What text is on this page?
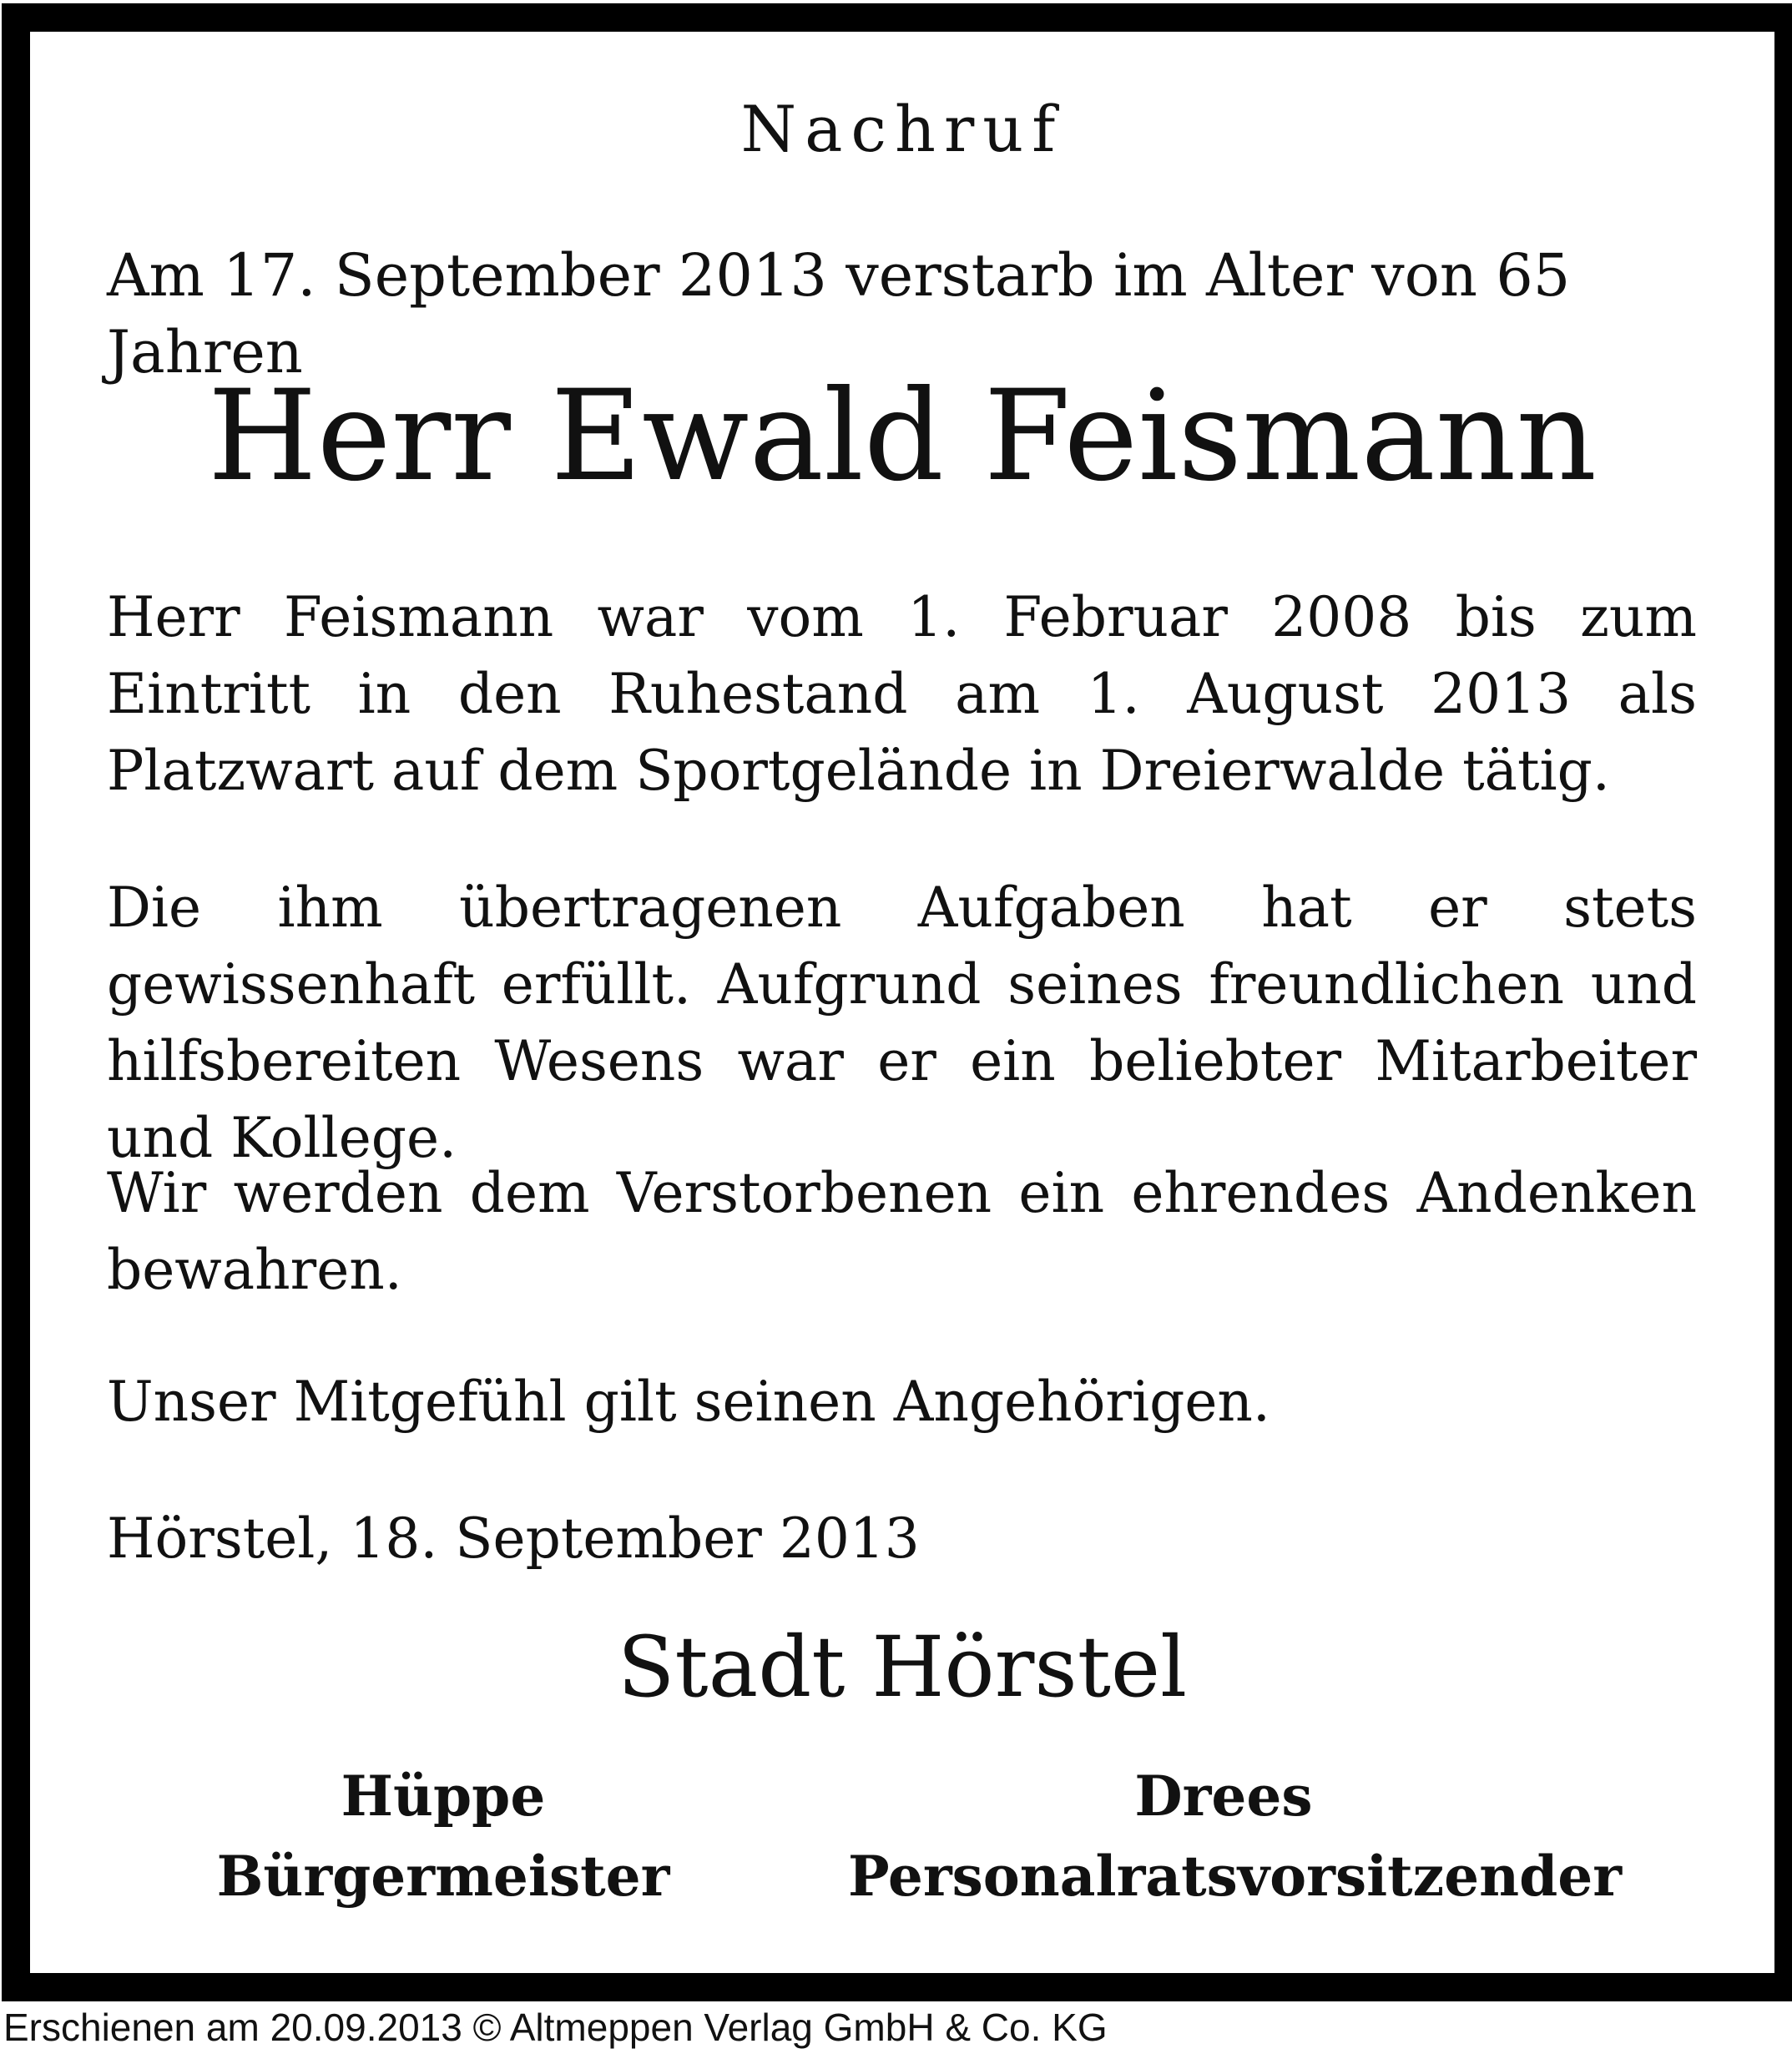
Nachruf
Am 17. September 2013 verstarb im Alter von 65 Jahren
Herr Ewald Feismann
Herr Feismann war vom 1. Februar 2008 bis zum Eintritt in den Ruhestand am 1. August 2013 als Platzwart auf dem Sportgelände in Dreierwalde tätig.
Die ihm übertragenen Aufgaben hat er stets gewissenhaft erfüllt. Aufgrund seines freundlichen und hilfsbereiten Wesens war er ein beliebter Mitarbeiter und Kollege.
Wir werden dem Verstorbenen ein ehrendes Andenken bewahren.
Unser Mitgefühl gilt seinen Angehörigen.
Hörstel, 18. September 2013
Stadt Hörstel
Hüppe
Bürgermeister
Drees
Personalratsvorsitzender
Erschienen am 20.09.2013 © Altmeppen Verlag GmbH & Co. KG
